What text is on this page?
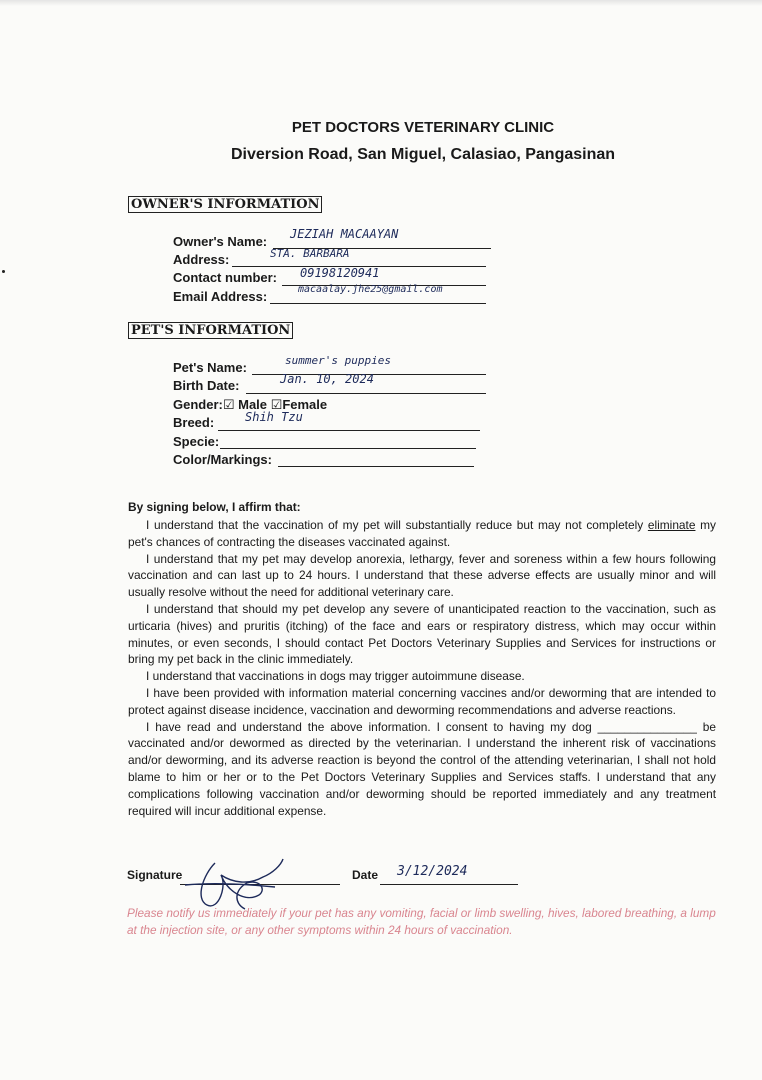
PET DOCTORS VETERINARY CLINIC
Diversion Road, San Miguel, Calasiao, Pangasinan
OWNER'S INFORMATION
Owner's Name: JEZIAH MACAAYAN
Address:	STA. BARBARA
Contact number: 09198120941
Email Address:	macaalay.jhe25@gmail.com
PET'S INFORMATION
Pet's Name:	summer's puppies
Birth Date:	Jan. 10, 2024
Gender:☑ Male ☑Female
Breed:	Shih Tzu
Specie:
Color/Markings:
By signing below, I affirm that:

I understand that the vaccination of my pet will substantially reduce but may not completely eliminate my pet's chances of contracting the diseases vaccinated against.

I understand that my pet may develop anorexia, lethargy, fever and soreness within a few hours following vaccination and can last up to 24 hours. I understand that these adverse effects are usually minor and will usually resolve without the need for additional veterinary care.

I understand that should my pet develop any severe of unanticipated reaction to the vaccination, such as urticaria (hives) and pruritis (itching) of the face and ears or respiratory distress, which may occur within minutes, or even seconds, I should contact Pet Doctors Veterinary Supplies and Services for instructions or bring my pet back in the clinic immediately.

I understand that vaccinations in dogs may trigger autoimmune disease.

I have been provided with information material concerning vaccines and/or deworming that are intended to protect against disease incidence, vaccination and deworming recommendations and adverse reactions.

I have read and understand the above information. I consent to having my dog _______________ be vaccinated and/or dewormed as directed by the veterinarian. I understand the inherent risk of vaccinations and/or deworming, and its adverse reaction is beyond the control of the attending veterinarian, I shall not hold blame to him or her or to the Pet Doctors Veterinary Supplies and Services staffs. I understand that any complications following vaccination and/or deworming should be reported immediately and any treatment required will incur additional expense.

Signature	Date 3/12/2024
Please notify us immediately if your pet has any vomiting, facial or limb swelling, hives, labored breathing, a lump at the injection site, or any other symptoms within 24 hours of vaccination.
